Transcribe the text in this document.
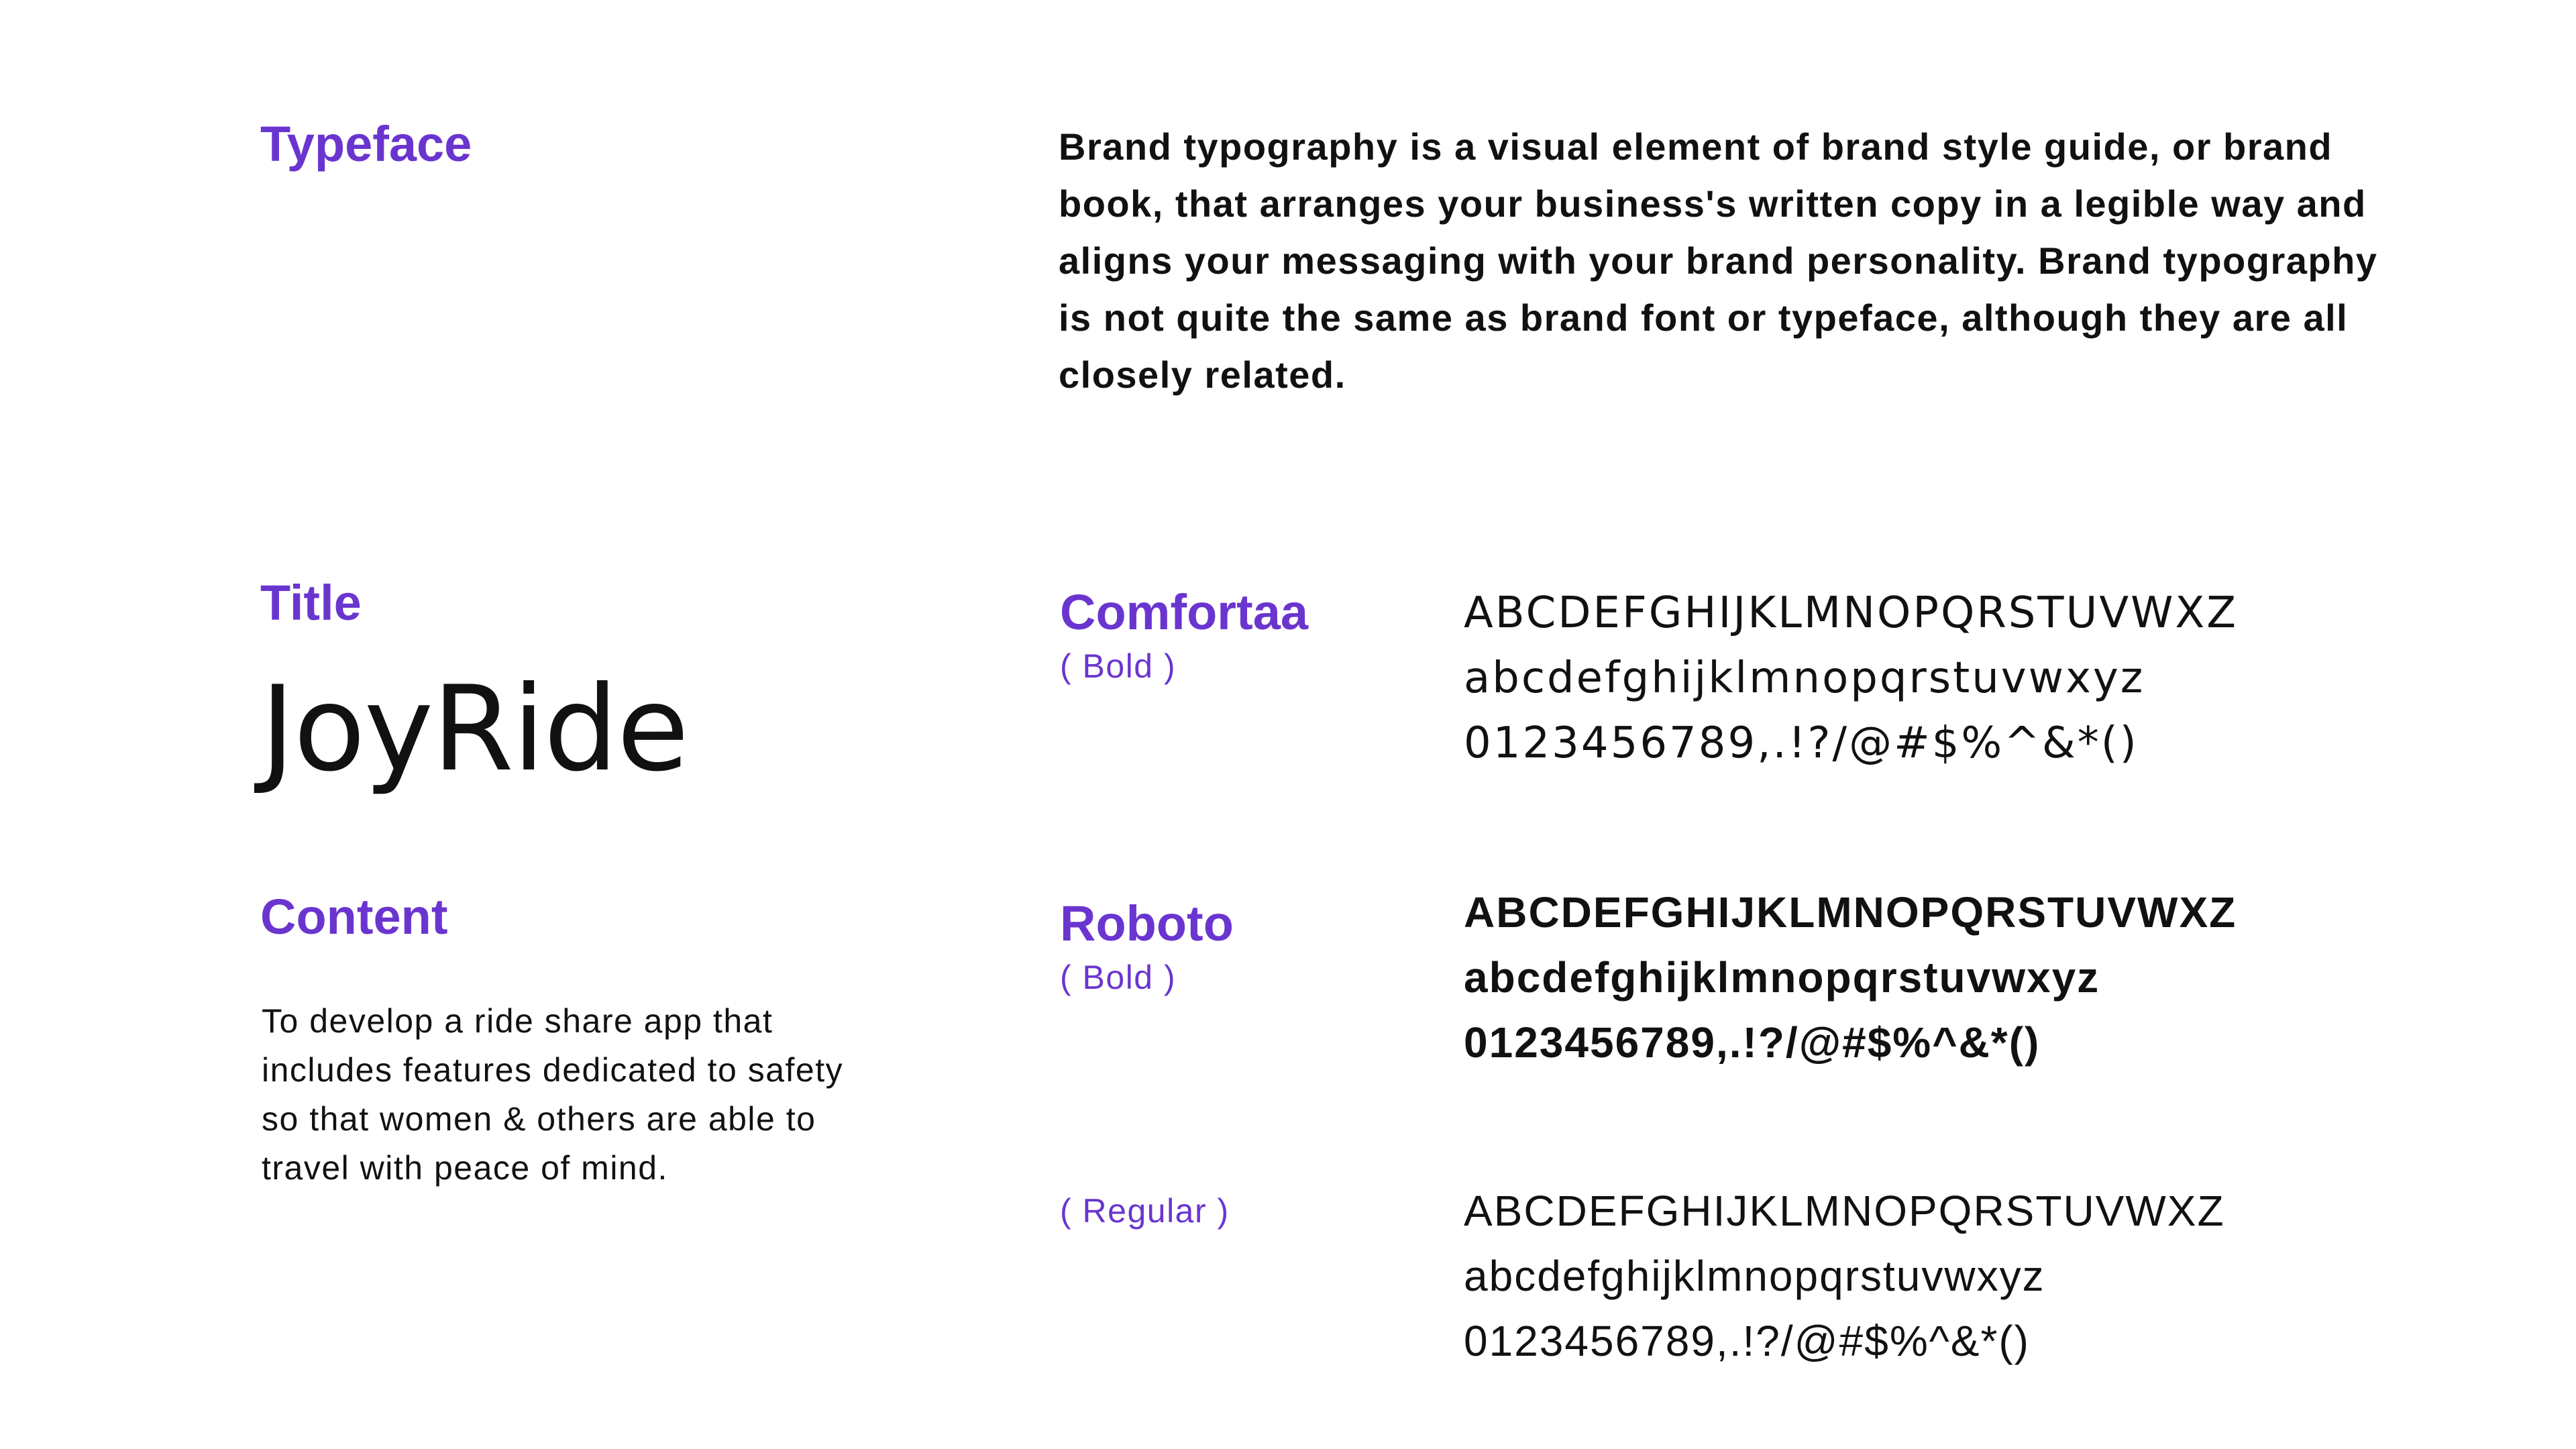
Typeface	Brand typography is a visual element of brand style guide, or brand book, that arranges your business's written copy in a legible way and aligns your messaging with your brand personality. Brand typography is not quite the same as brand font or typeface, although they are all closely related.

Title
JoyRide
Content

To develop a ride share app that includes features dedicated to safety so that women & others are able to travel with peace of mind.

Comfortaa
( Bold )
ABCDEFGHIJKLMNOPQRSTUVWXZ
abcdefghijklmnopqrstuvwxyz
0123456789,.!?/@#$%^&*()
Roboto
( Bold )
ABCDEFGHIJKLMNOPQRSTUVWXZ
abcdefghijklmnopqrstuvwxyz
0123456789,.!?/@#$%^&*()
( Regular )	ABCDEFGHIJKLMNOPQRSTUVWXZ
abcdefghijklmnopqrstuvwxyz
0123456789,.!?/@#$%^&*()
